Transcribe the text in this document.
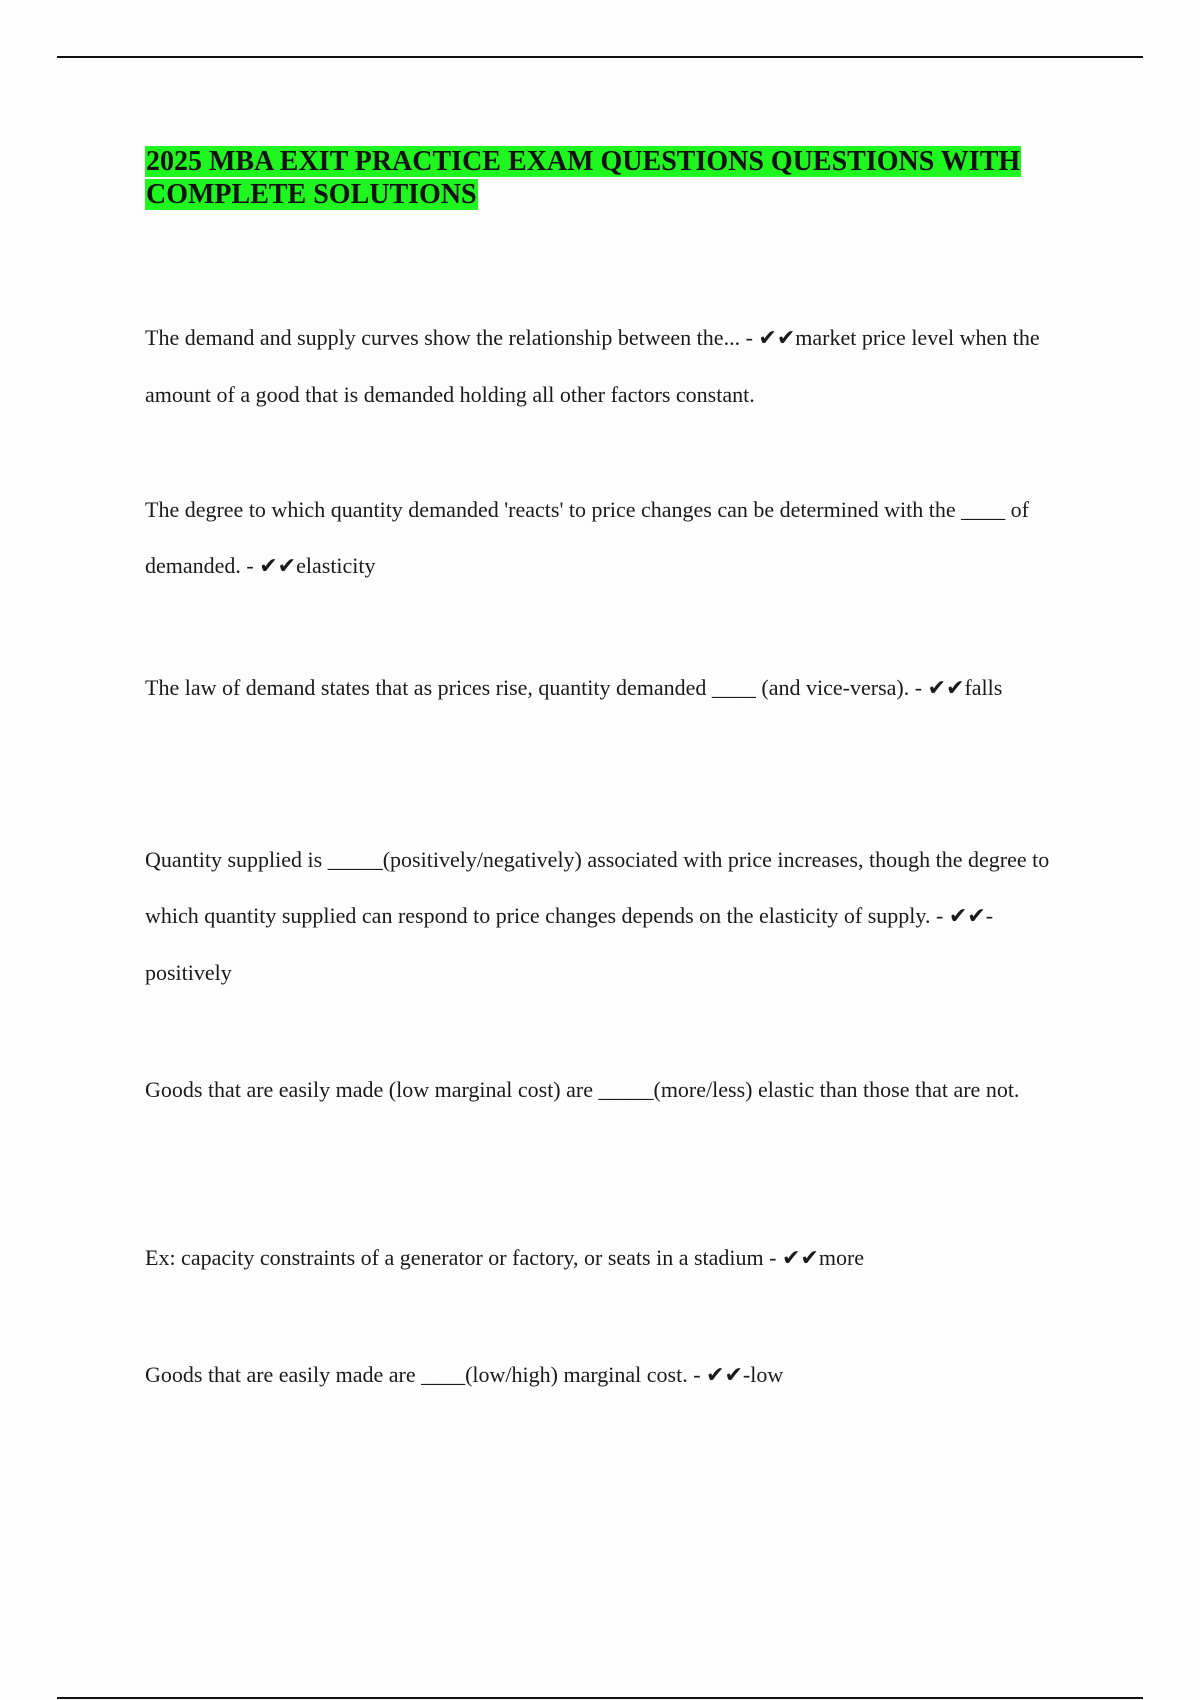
2025 MBA EXIT PRACTICE EXAM QUESTIONS QUESTIONS WITH
COMPLETE SOLUTIONS

The demand and supply curves show the relationship between the... - ✔✔market price level when the amount of a good that is demanded holding all other factors constant.

The degree to which quantity demanded 'reacts' to price changes can be determined with the ____ of demanded. - ✔✔elasticity

The law of demand states that as prices rise, quantity demanded ____ (and vice-versa). - ✔✔falls

Quantity supplied is _____(positively/negatively) associated with price increases, though the degree to which quantity supplied can respond to price changes depends on the elasticity of supply. - ✔✔-positively

Goods that are easily made (low marginal cost) are _____(more/less) elastic than those that are not.

Ex: capacity constraints of a generator or factory, or seats in a stadium - ✔✔more

Goods that are easily made are ____(low/high) marginal cost. - ✔✔-low
